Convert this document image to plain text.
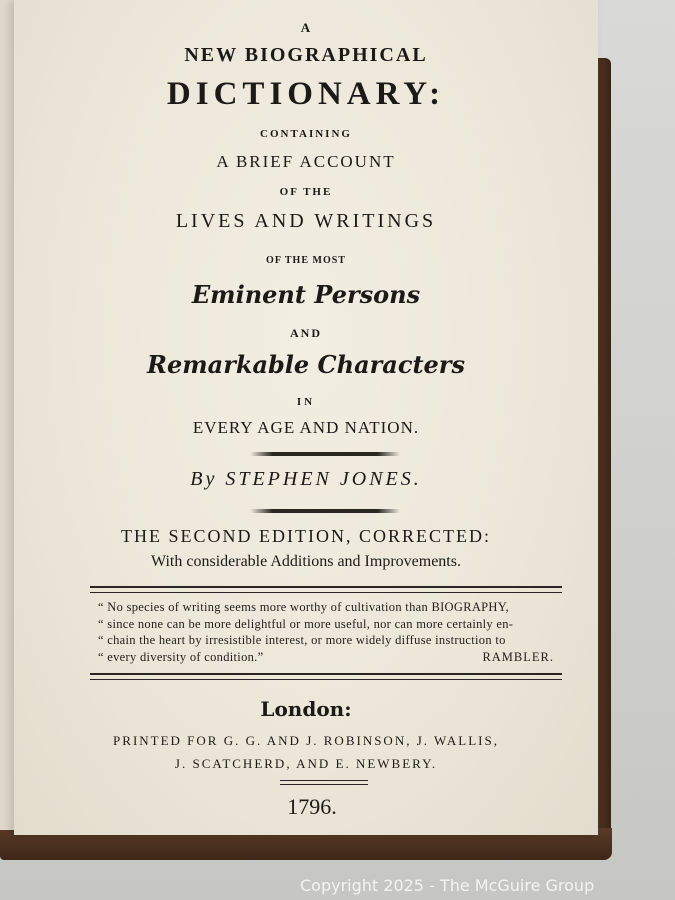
A
NEW BIOGRAPHICAL
DICTIONARY:
CONTAINING
A BRIEF ACCOUNT
OF THE
LIVES AND WRITINGS
OF THE MOST
Eminent Persons
AND
Remarkable Characters
IN
EVERY AGE AND NATION.
By STEPHEN JONES.
THE SECOND EDITION, CORRECTED:
With considerable Additions and Improvements.
“ No species of writing seems more worthy of cultivation than BIOGRAPHY,
“ since none can be more delightful or more useful, nor can more certainly en-
“ chain the heart by irresistible interest, or more widely diffuse instruction to
“ every diversity of condition.”	RAMBLER.
London:
PRINTED FOR G. G. AND J. ROBINSON, J. WALLIS,
J. SCATCHERD, AND E. NEWBERY.
1796.
Copyright 2025 - The McGuire Group
